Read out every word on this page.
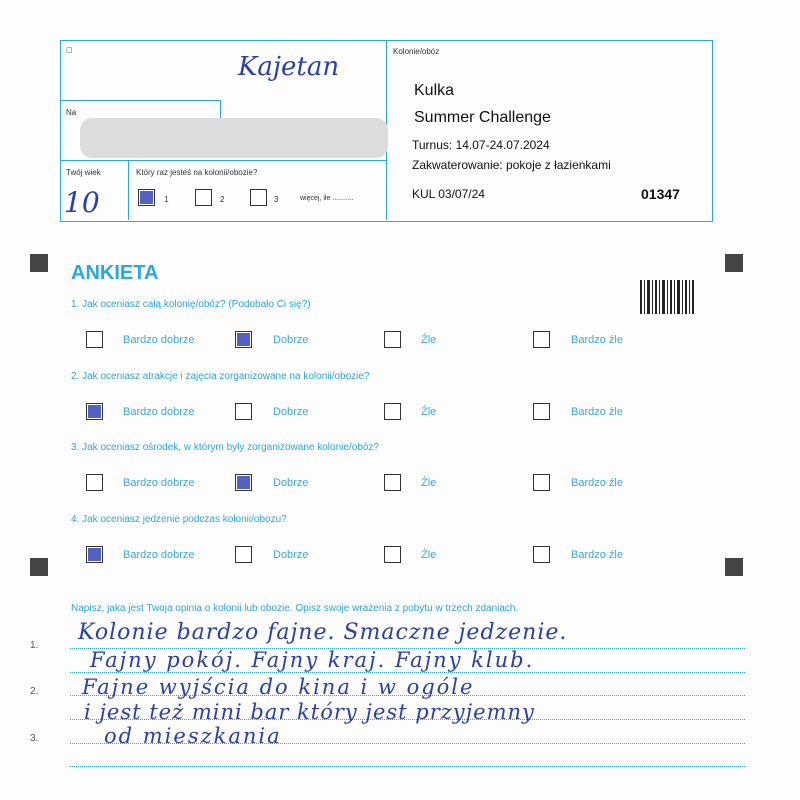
▢
Kajetan
Na
Twój wiek
10
Który raz jesteś na kolonii/obozie?
1	2	3	więcej, ile ...........
Kolonie/obóz
Kulka
Summer Challenge
Turnus: 14.07-24.07.2024
Zakwaterowanie: pokoje z łazienkami
KUL 03/07/24	01347
ANKIETA
1. Jak oceniasz całą kolonię/obóz? (Podobało Ci się?)
2. Jak oceniasz atrakcje i zajęcia zorganizowane na kolonii/obozie?
3. Jak oceniasz ośrodek, w którym były zorganizowane kolonie/obóz?
4. Jak oceniasz jedzenie podczas kolonii/obozu?
Bardzo dobrze	Dobrze	Źle	Bardzo źle
Bardzo dobrze	Dobrze	Źle	Bardzo źle
Bardzo dobrze	Dobrze	Źle	Bardzo źle
Bardzo dobrze	Dobrze	Źle	Bardzo źle
Napisz, jaka jest Twoja opinia o kolonii lub obozie. Opisz swoje wrażenia z pobytu w trzech zdaniach.
1.
2.
3.
Kolonie bardzo fajne. Smaczne jedzenie.
Fajny pokój. Fajny kraj. Fajny klub.
Fajne wyjścia do kina i w ogóle
i jest też mini bar który jest przyjemny
od mieszkania
